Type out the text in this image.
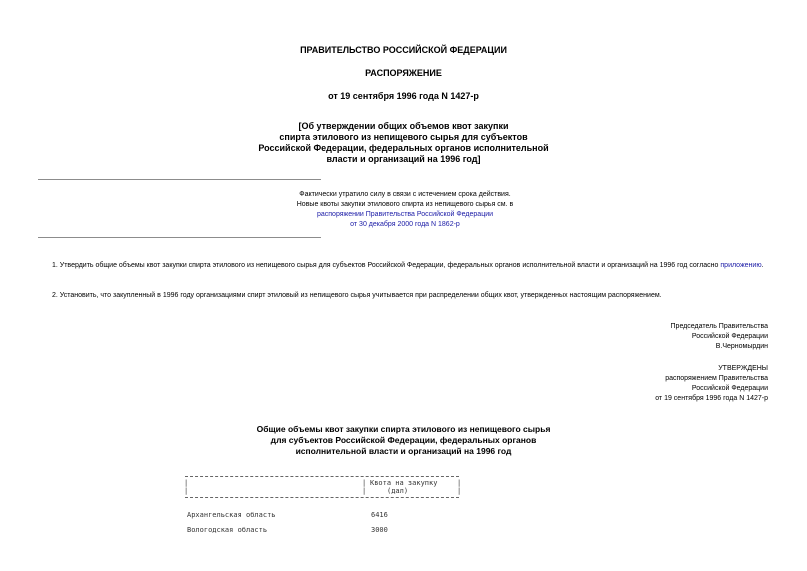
ПРАВИТЕЛЬСТВО РОССИЙСКОЙ ФЕДЕРАЦИИ
РАСПОРЯЖЕНИЕ
от 19 сентября 1996 года N 1427-р
[Об утверждении общих объемов квот закупки
спирта этилового из непищевого сырья для субъектов
Российской Федерации, федеральных органов исполнительной
власти и организаций на 1996 год]
Фактически утратило силу в связи с истечением срока действия.
Новые квоты закупки этилового спирта из непищевого сырья см. в
распоряжении Правительства Российской Федерации
от 30 декабря 2000 года N 1862-р
1. Утвердить общие объемы квот закупки спирта этилового из непищевого сырья для субъектов Российской Федерации, федеральных органов исполнительной власти и организаций на 1996 год согласно приложению.
2. Установить, что закупленный в 1996 году организациями спирт этиловый из непищевого сырья учитывается при распределении общих квот, утвержденных настоящим распоряжением.
Председатель Правительства
Российской Федерации
В.Черномырдин
УТВЕРЖДЕНЫ
распоряжением Правительства
Российской Федерации
от 19 сентября 1996 года N 1427-р
Общие объемы квот закупки спирта этилового из непищевого сырья
для субъектов Российской Федерации, федеральных органов
исполнительной власти и организаций на 1996 год
|
|
|
|
|
|
Квота на закупку
(дал)
Архангельская область	6416
Вологодская область	3000
